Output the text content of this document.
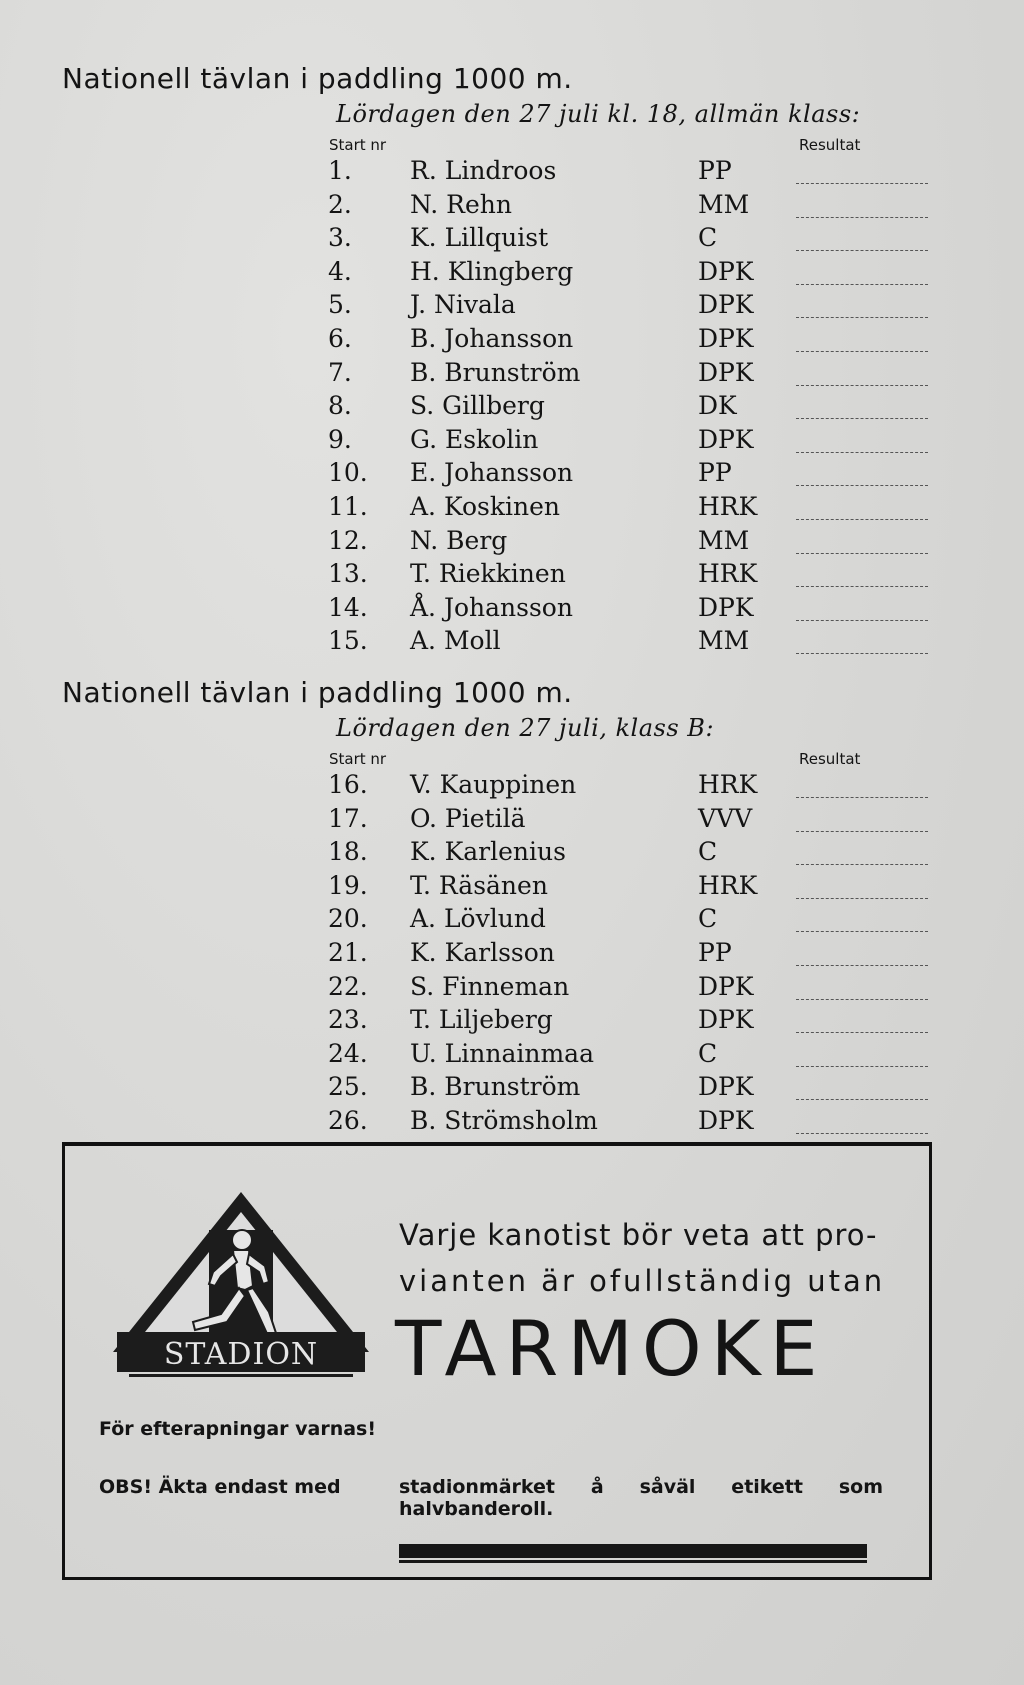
Nationell tävlan i paddling 1000 m.
Lördagen den 27 juli kl. 18, allmän klass:
Start nr	Resultat
1. R. Lindroos	PP
2. N. Rehn	MM
3. K. Lillquist	C
4. H. Klingberg	DPK
5. J. Nivala	DPK
6. B. Johansson	DPK
7. B. Brunström	DPK
8. S. Gillberg	DK
9. G. Eskolin	DPK
10. E. Johansson	PP
11. A. Koskinen	HRK
12. N. Berg	MM
13. T. Riekkinen	HRK
14. Å. Johansson	DPK
15. A. Moll	MM
Nationell tävlan i paddling 1000 m.
Lördagen den 27 juli, klass B:
Start nr	Resultat
16. V. Kauppinen	HRK
17. O. Pietilä	VVV
18. K. Karlenius	C
19. T. Räsänen	HRK
20. A. Lövlund	C
21. K. Karlsson	PP
22. S. Finneman	DPK
23. T. Liljeberg	DPK
24. U. Linnainmaa	C
25. B. Brunström	DPK
26. B. Strömsholm	DPK
STADION
För efterapningar varnas!
Varje kanotist bör veta att pro-
vianten är ofullständig utan
TARMOKE
OBS! Äkta endast med	stadionmärket å såväl etikett som halvbanderoll.
